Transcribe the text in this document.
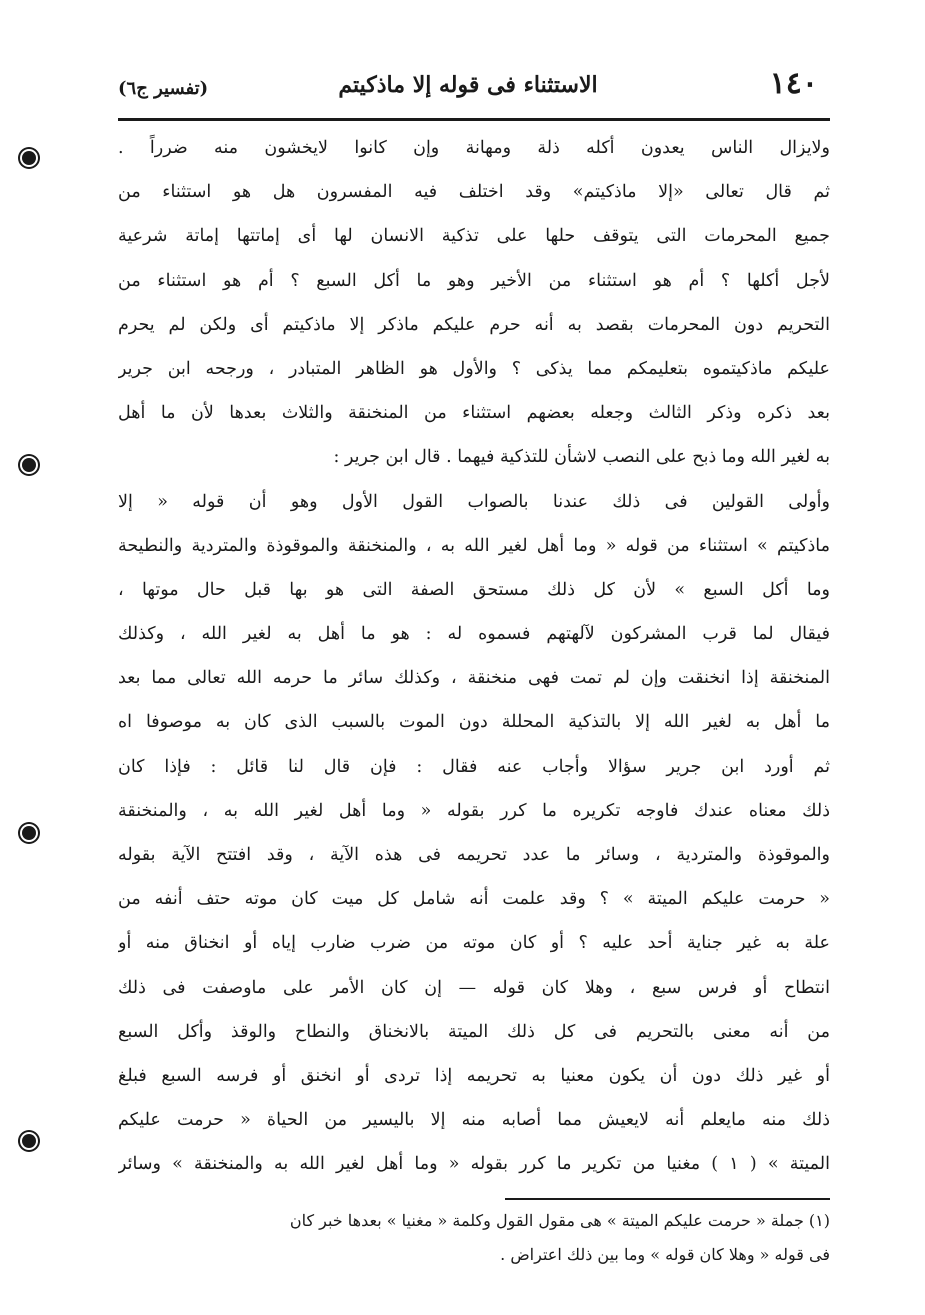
١٤٠
الاستثناء فى قوله إلا ماذكيتم
(تفسير ج٦)
ولايزال الناس يعدون أكله ذلة ومهانة وإن كانوا لايخشون منه ضرراً .
ثم قال تعالى «إلا ماذكيتم» وقد اختلف فيه المفسرون هل هو استثناء من
جميع المحرمات التى يتوقف حلها على تذكية الانسان لها أى إماتتها إماتة شرعية
لأجل أكلها ؟ أم هو استثناء من الأخير وهو ما أكل السبع ؟ أم هو استثناء من
التحريم دون المحرمات بقصد به أنه حرم عليكم ماذكر إلا ماذكيتم أى ولكن لم يحرم
عليكم ماذكيتموه بتعليمكم مما يذكى ؟ والأول هو الظاهر المتبادر ، ورجحه ابن جرير
بعد ذكره وذكر الثالث وجعله بعضهم استثناء من المنخنقة والثلاث بعدها لأن ما أهل
به لغير الله وما ذبح على النصب لاشأن للتذكية فيهما . قال ابن جرير :
وأولى القولين فى ذلك عندنا بالصواب القول الأول وهو أن قوله « إلا
ماذكيتم » استثناء من قوله « وما أهل لغير الله به ، والمنخنقة والموقوذة والمتردية والنطيحة
وما أكل السبع » لأن كل ذلك مستحق الصفة التى هو بها قبل حال موتها ،
فيقال لما قرب المشركون لآلهتهم فسموه له : هو ما أهل به لغير الله ، وكذلك
المنخنقة إذا انخنقت وإن لم تمت فهى منخنقة ، وكذلك سائر ما حرمه الله تعالى مما بعد
ما أهل به لغير الله إلا بالتذكية المحللة دون الموت بالسبب الذى كان به موصوفا اه
ثم أورد ابن جرير سؤالا وأجاب عنه فقال : فإن قال لنا قائل : فإذا كان
ذلك معناه عندك فاوجه تكريره ما كرر بقوله « وما أهل لغير الله به ، والمنخنقة
والموقوذة والمتردية ، وسائر ما عدد تحريمه فى هذه الآية ، وقد افتتح الآية بقوله
« حرمت عليكم الميتة » ؟ وقد علمت أنه شامل كل ميت كان موته حتف أنفه من
علة به غير جناية أحد عليه ؟ أو كان موته من ضرب ضارب إياه أو انخناق منه أو
انتطاح أو فرس سبع ، وهلا كان قوله — إن كان الأمر على ماوصفت فى ذلك
من أنه معنى بالتحريم فى كل ذلك الميتة بالانخناق والنطاح والوقذ وأكل السبع
أو غير ذلك دون أن يكون معنيا به تحريمه إذا تردى أو انخنق أو فرسه السبع فبلغ
ذلك منه مايعلم أنه لايعيش مما أصابه منه إلا باليسير من الحياة « حرمت عليكم
الميتة » ( ١ ) مغنيا من تكرير ما كرر بقوله « وما أهل لغير الله به والمنخنقة » وسائر
(١) جملة « حرمت عليكم الميتة » هى مقول القول وكلمة « مغنيا » بعدها خبر كان
فى قوله « وهلا كان قوله » وما بين ذلك اعتراض .
